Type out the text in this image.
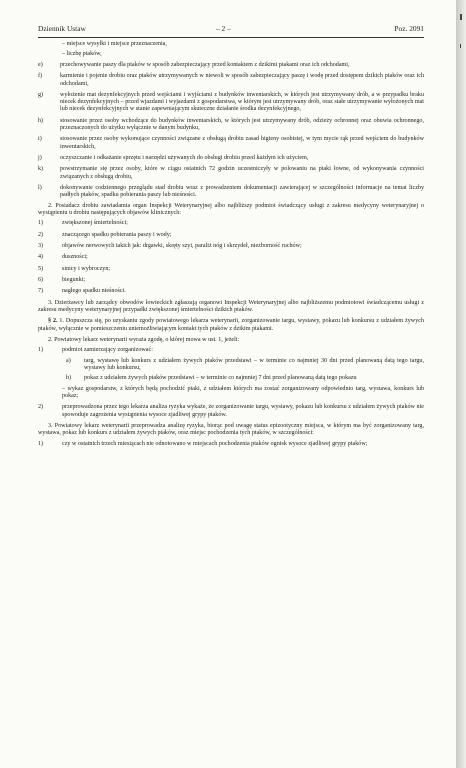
Dziennik Ustaw	– 2 –	Poz. 2091

– miejsce wysyłki i miejsce przeznaczenia,

– liczbę ptaków,

e)	przechowywanie paszy dla ptaków w sposób zabezpieczający przed kontaktem z dzikimi ptakami oraz ich odchodami,
f)	karmienie i pojenie drobiu oraz ptaków utrzymywanych w niewoli w sposób zabezpieczający paszę i wodę przed dostępem dzikich ptaków oraz ich odchodami,
g)	wyłożenie mat dezynfekcyjnych przed wejściami i wyjściami z budynków inwentarskich, w których jest utrzymywany drób, a w przypadku braku niecek dezynfekcyjnych – przed wjazdami i wyjazdami z gospodarstwa, w którym jest utrzymywany drób, oraz stałe utrzymywanie wyłożonych mat lub niecek dezynfekcyjnych w stanie zapewniającym skuteczne działanie środka dezynfekcyjnego,
h)	stosowanie przez osoby wchodzące do budynków inwentarskich, w których jest utrzymywany drób, odzieży ochronnej oraz obuwia ochronnego, przeznaczonych do użytku wyłącznie w danym budynku,
i)	stosowanie przez osoby wykonujące czynności związane z obsługą drobiu zasad higieny osobistej, w tym mycie rąk przed wejściem do budynków inwentarskich,
j)	oczyszczanie i odkażanie sprzętu i narzędzi używanych do obsługi drobiu przed każdym ich użyciem,
k)	powstrzymanie się przez osoby, które w ciągu ostatnich 72 godzin uczestniczyły w polowaniu na ptaki łowne, od wykonywania czynności związanych z obsługą drobiu,
l)	dokonywanie codziennego przeglądu stad drobiu wraz z prowadzeniem dokumentacji zawierającej w szczególności informacje na temat liczby padłych ptaków, spadku pobierania paszy lub nieśności.

2. Posiadacz drobiu zawiadamia organ Inspekcji Weterynaryjnej albo najbliższy podmiot świadczący usługi z zakresu medycyny weterynaryjnej o wystąpieniu u drobiu następujących objawów klinicznych:

1)	zwiększonej śmiertelności;
2)	znaczącego spadku pobierania paszy i wody;
3)	objawów nerwowych takich jak: drgawki, skręty szyi, paraliż nóg i skrzydeł, niezborność ruchów;
4)	duszności;
5)	sinicy i wybroczyn;
6)	biegunki;
7)	nagłego spadku nieśności.

3. Dzierżawcy lub zarządcy obwodów łowieckich zgłaszają organowi Inspekcji Weterynaryjnej albo najbliższemu podmiotowi świadczącemu usługi z zakresu medycyny weterynaryjnej przypadki zwiększonej śmiertelności dzikich ptaków.

§ 2. 1. Dopuszcza się, po uzyskaniu zgody powiatowego lekarza weterynarii, zorganizowanie targu, wystawy, pokazu lub konkursu z udziałem żywych ptaków, wyłącznie w pomieszczeniu uniemożliwiającym kontakt tych ptaków z dzikim ptakami.

2. Powiatowy lekarz weterynarii wyraża zgodę, o której mowa w ust. 1, jeżeli:

1)	podmiot zamierzający zorganizować:
a) targ, wystawę lub konkurs z udziałem żywych ptaków przedstawi – w terminie co najmniej 30 dni przed planowaną datą tego targu, wystawy lub konkursu,
b) pokaz z udziałem żywych ptaków przedstawi – w terminie co najmniej 7 dni przed planowaną datą tego pokazu

– wykaz gospodarstw, z których będą pochodzić ptaki, z udziałem których ma zostać zorganizowany odpowiednio targ, wystawa, konkurs lub pokaz;

2)	przeprowadzona przez tego lekarza analiza ryzyka wykaże, że zorganizowanie targu, wystawy, pokazu lub konkursu z udziałem żywych ptaków nie spowoduje zagrożenia wystąpienia wysoce zjadliwej grypy ptaków.

3. Powiatowy lekarz weterynarii przeprowadza analizę ryzyka, biorąc pod uwagę status epizootyczny miejsca, w którym ma być zorganizowany targ, wystawa, pokaz lub konkurs z udziałem żywych ptaków, oraz miejsc pochodzenia tych ptaków, w szczególności:

1)	czy w ostatnich trzech miesiącach nie odnotowano w miejscach pochodzenia ptaków ognisk wysoce zjadliwej grypy ptaków;
